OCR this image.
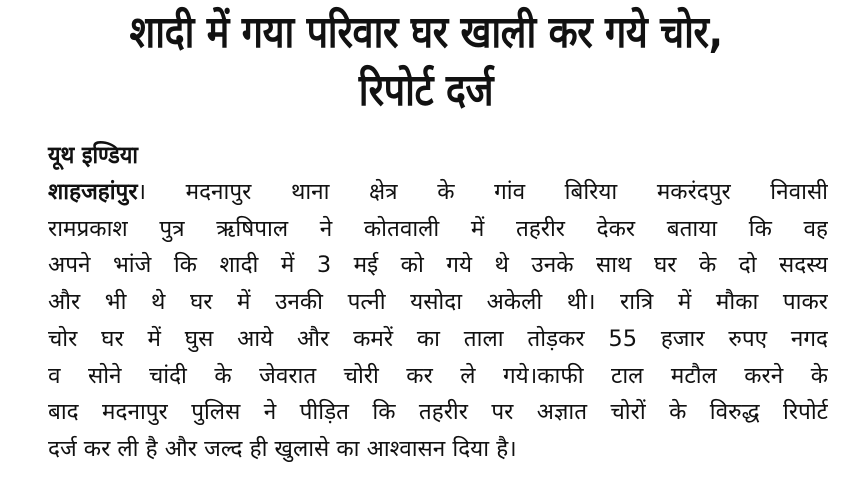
शादी में गया परिवार घर खाली कर गये चोर,
रिपोर्ट दर्ज
यूथ इण्डिया
शाहजहांपुर। मदनापुर थाना क्षेत्र के गांव बिरिया मकरंदपुर निवासी
रामप्रकाश पुत्र ऋषिपाल ने कोतवाली में तहरीर देकर बताया कि वह
अपने भांजे कि शादी में 3 मई को गये थे उनके साथ घर के दो सदस्य
और भी थे घर में उनकी पत्नी यसोदा अकेली थी। रात्रि में मौका पाकर
चोर घर में घुस आये और कमरें का ताला तोड़कर 55 हजार रुपए नगद
व सोने चांदी के जेवरात चोरी कर ले गये।काफी टाल मटौल करने के
बाद मदनापुर पुलिस ने पीड़ित कि तहरीर पर अज्ञात चोरों के विरुद्ध रिपोर्ट
दर्ज कर ली है और जल्द ही खुलासे का आश्वासन दिया है।
